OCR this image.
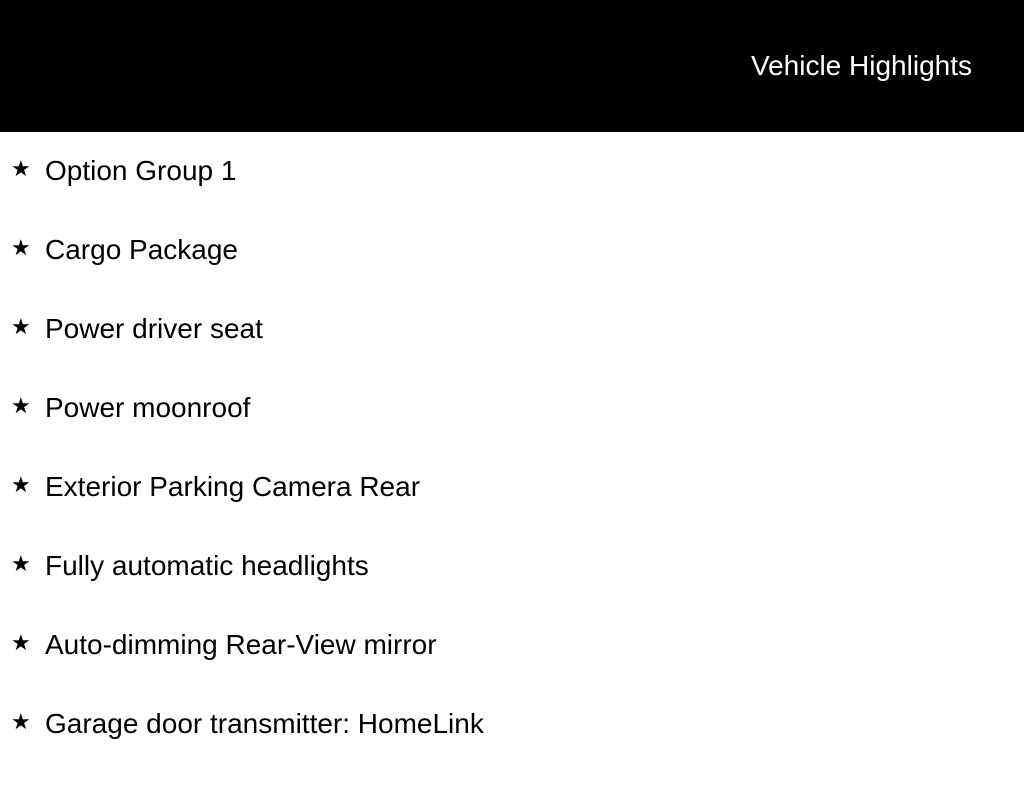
Vehicle Highlights
★ Option Group 1
★ Cargo Package
★ Power driver seat
★ Power moonroof
★ Exterior Parking Camera Rear
★ Fully automatic headlights
★ Auto-dimming Rear-View mirror
★ Garage door transmitter: HomeLink
